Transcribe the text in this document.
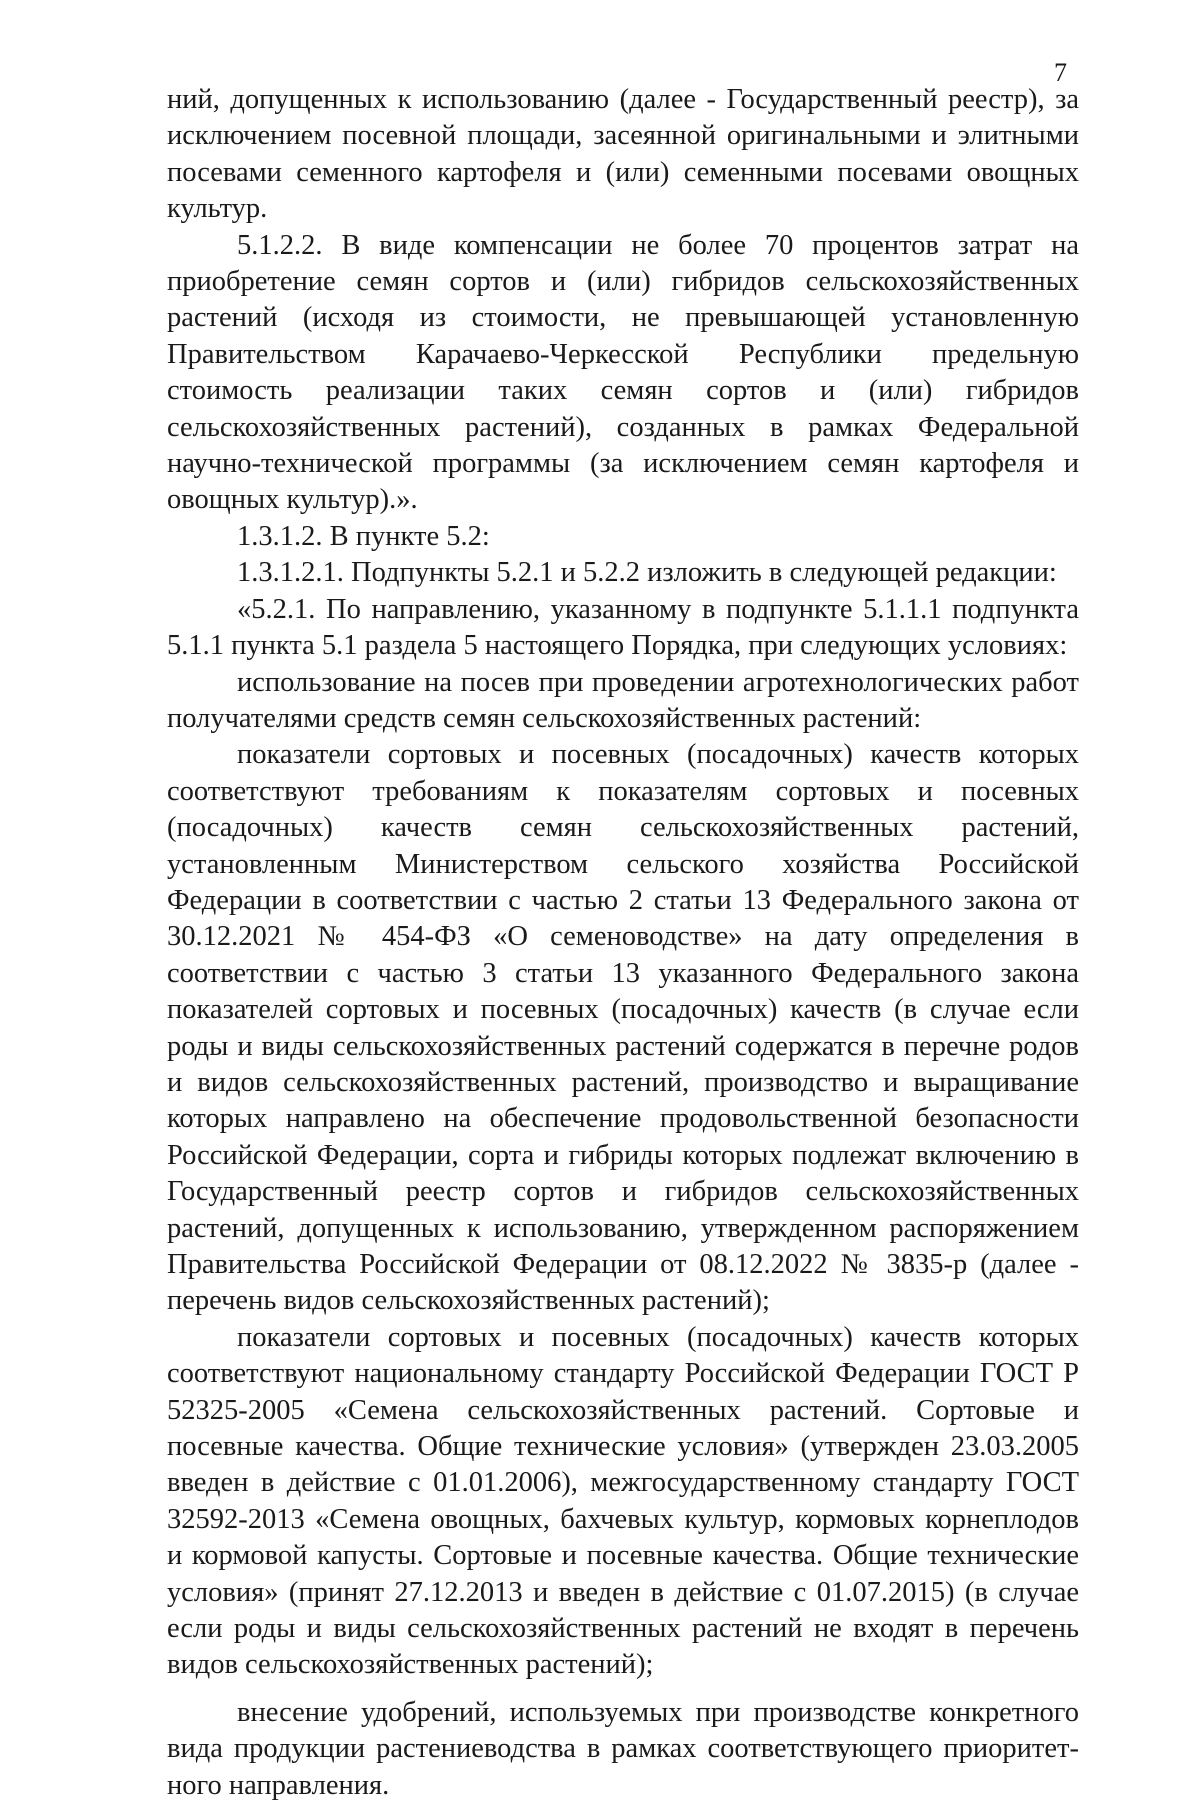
7

ний, допущенных к использованию (далее - Государственный реестр), за исключением посевной площади, засеянной оригинальными и элитными посевами семенного картофеля и (или) семенными посевами овощных культур.

5.1.2.2. В виде компенсации не более 70 процентов затрат на приобретение семян сортов и (или) гибридов сельскохозяйственных растений (исходя из стоимости, не превышающей установленную Правительством Карачаево-Черкесской Республики предельную стоимость реализации таких семян сортов и (или) гибридов сельскохозяйственных растений), созданных в рамках Федеральной научно-технической программы (за исключением семян картофеля и овощных культур).».

1.3.1.2. В пункте 5.2:

1.3.1.2.1. Подпункты 5.2.1 и 5.2.2 изложить в следующей редакции:

«5.2.1. По направлению, указанному в подпункте 5.1.1.1 подпункта 5.1.1 пункта 5.1 раздела 5 настоящего Порядка, при следующих условиях:

использование на посев при проведении агротехнологических работ получателями средств семян сельскохозяйственных растений:

показатели сортовых и посевных (посадочных) качеств которых соответствуют требованиям к показателям сортовых и посевных (посадочных) качеств семян сельскохозяйственных растений, установленным Министерством сельского хозяйства Российской Федерации в соответствии с частью 2 статьи 13 Федерального закона от 30.12.2021 № 454-ФЗ «О семеноводстве» на дату определения в соответствии с частью 3 статьи 13 указанного Федерального закона показателей сортовых и посевных (посадочных) качеств (в случае если роды и виды сельскохозяйственных растений содержатся в перечне родов и видов сельскохозяйственных растений, производство и выращивание которых направлено на обеспечение продовольственной безопасности Российской Федерации, сорта и гибриды которых подлежат включению в Государственный реестр сортов и гибридов сельскохозяйственных растений, допущенных к использованию, утвержденном распоряжением Правительства Российской Федерации от 08.12.2022 № 3835-р (далее - перечень видов сельскохозяйственных растений);

показатели сортовых и посевных (посадочных) качеств которых соответствуют национальному стандарту Российской Федерации ГОСТ Р 52325-2005 «Семена сельскохозяйственных растений. Сортовые и посевные качества. Общие технические условия» (утвержден 23.03.2005 введен в действие с 01.01.2006), межгосударственному стандарту ГОСТ 32592-2013 «Семена овощных, бахчевых культур, кормовых корнеплодов и кормовой капусты. Сортовые и посевные качества. Общие технические условия» (принят 27.12.2013 и введен в действие с 01.07.2015) (в случае если роды и виды сельскохозяйственных растений не входят в перечень видов сельскохозяйственных растений);

внесение удобрений, используемых при производстве конкретного вида продукции растениеводства в рамках соответствующего приоритетного направления.
